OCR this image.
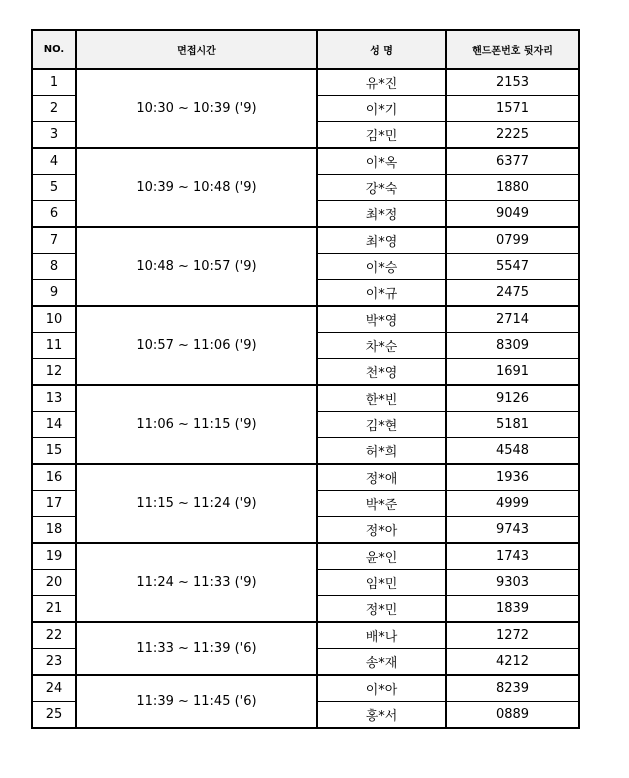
NO.	면접시간	성 명	핸드폰번호 뒷자리
1	10:30 ~ 10:39 ('9)	유*진	2153
2		이*기	1571
3		김*민	2225
4	10:39 ~ 10:48 ('9)	이*옥	6377
5		강*숙	1880
6		최*정	9049
7	10:48 ~ 10:57 ('9)	최*영	0799
8		이*승	5547
9		이*규	2475
10	10:57 ~ 11:06 ('9)	박*영	2714
11		차*순	8309
12		천*영	1691
13	11:06 ~ 11:15 ('9)	한*빈	9126
14		김*현	5181
15		허*희	4548
16	11:15 ~ 11:24 ('9)	정*애	1936
17		박*준	4999
18		정*아	9743
19	11:24 ~ 11:33 ('9)	윤*인	1743
20		임*민	9303
21		정*민	1839
22	11:33 ~ 11:39 ('6)	배*나	1272
23		송*재	4212
24	11:39 ~ 11:45 ('6)	이*아	8239
25		홍*서	0889
